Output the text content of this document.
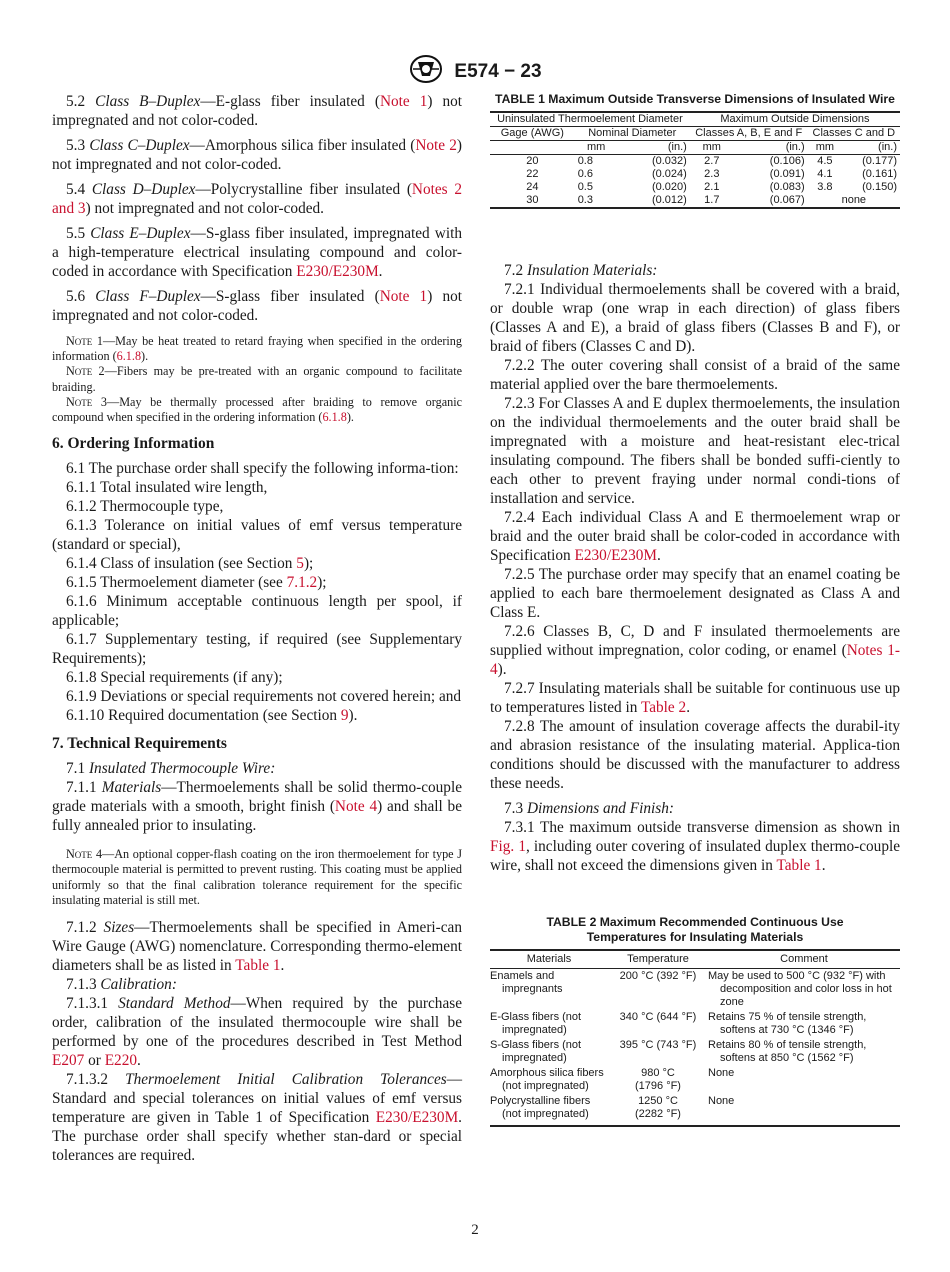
E574 − 23

5.2 Class B–Duplex—E-glass fiber insulated (Note 1) not impregnated and not color-coded.

5.3 Class C–Duplex—Amorphous silica fiber insulated (Note 2) not impregnated and not color-coded.

5.4 Class D–Duplex—Polycrystalline fiber insulated (Notes 2 and 3) not impregnated and not color-coded.

5.5 Class E–Duplex—S-glass fiber insulated, impregnated with a high-temperature electrical insulating compound and color-coded in accordance with Specification E230/E230M.

5.6 Class F–Duplex—S-glass fiber insulated (Note 1) not impregnated and not color-coded.

Note 1—May be heat treated to retard fraying when specified in the ordering information (6.1.8).

Note 2—Fibers may be pre-treated with an organic compound to facilitate braiding.

Note 3—May be thermally processed after braiding to remove organic compound when specified in the ordering information (6.1.8).

6. Ordering Information

6.1 The purchase order shall specify the following informa-tion:

6.1.1 Total insulated wire length,

6.1.2 Thermocouple type,

6.1.3 Tolerance on initial values of emf versus temperature (standard or special),

6.1.4 Class of insulation (see Section 5);

6.1.5 Thermoelement diameter (see 7.1.2);

6.1.6 Minimum acceptable continuous length per spool, if applicable;

6.1.7 Supplementary testing, if required (see Supplementary Requirements);

6.1.8 Special requirements (if any);

6.1.9 Deviations or special requirements not covered herein; and

6.1.10 Required documentation (see Section 9).

7. Technical Requirements

7.1 Insulated Thermocouple Wire:

7.1.1 Materials—Thermoelements shall be solid thermo-couple grade materials with a smooth, bright finish (Note 4) and shall be fully annealed prior to insulating.

Note 4—An optional copper-flash coating on the iron thermoelement for type J thermocouple material is permitted to prevent rusting. This coating must be applied uniformly so that the final calibration tolerance requirement for the specific insulating material is still met.

7.1.2 Sizes—Thermoelements shall be specified in Ameri-can Wire Gauge (AWG) nomenclature. Corresponding thermo-element diameters shall be as listed in Table 1.

7.1.3 Calibration:

7.1.3.1 Standard Method—When required by the purchase order, calibration of the insulated thermocouple wire shall be performed by one of the procedures described in Test Method E207 or E220.

7.1.3.2 Thermoelement Initial Calibration Tolerances—Standard and special tolerances on initial values of emf versus temperature are given in Table 1 of Specification E230/E230M. The purchase order shall specify whether stan-dard or special tolerances are required.

TABLE 1 Maximum Outside Transverse Dimensions of Insulated Wire
Uninsulated Thermoelement Diameter			Maximum Outside Dimensions			
Gage (AWG)	Nominal Diameter		Classes A, B, E and F		Classes C and D	
	mm	(in.)	mm	(in.)	mm	(in.)
20	0.8	(0.032)	2.7	(0.106)	4.5	(0.177)
22	0.6	(0.024)	2.3	(0.091)	4.1	(0.161)
24	0.5	(0.020)	2.1	(0.083)	3.8	(0.150)
30	0.3	(0.012)	1.7	(0.067)	none	

7.2 Insulation Materials:

7.2.1 Individual thermoelements shall be covered with a braid, or double wrap (one wrap in each direction) of glass fibers (Classes A and E), a braid of glass fibers (Classes B and F), or braid of fibers (Classes C and D).

7.2.2 The outer covering shall consist of a braid of the same material applied over the bare thermoelements.

7.2.3 For Classes A and E duplex thermoelements, the insulation on the individual thermoelements and the outer braid shall be impregnated with a moisture and heat-resistant elec-trical insulating compound. The fibers shall be bonded suffi-ciently to each other to prevent fraying under normal condi-tions of installation and service.

7.2.4 Each individual Class A and E thermoelement wrap or braid and the outer braid shall be color-coded in accordance with Specification E230/E230M.

7.2.5 The purchase order may specify that an enamel coating be applied to each bare thermoelement designated as Class A and Class E.

7.2.6 Classes B, C, D and F insulated thermoelements are supplied without impregnation, color coding, or enamel (Notes 1-4).

7.2.7 Insulating materials shall be suitable for continuous use up to temperatures listed in Table 2.

7.2.8 The amount of insulation coverage affects the durabil-ity and abrasion resistance of the insulating material. Applica-tion conditions should be discussed with the manufacturer to address these needs.

7.3 Dimensions and Finish:

7.3.1 The maximum outside transverse dimension as shown in Fig. 1, including outer covering of insulated duplex thermo-couple wire, shall not exceed the dimensions given in Table 1.

TABLE 2 Maximum Recommended Continuous Use Temperatures for Insulating Materials
Materials	Temperature	Comment
Enamels and impregnants	200 °C (392 °F)	May be used to 500 °C (932 °F) with decomposition and color loss in hot zone
E-Glass fibers (not impregnated)	340 °C (644 °F)	Retains 75 % of tensile strength, softens at 730 °C (1346 °F)
S-Glass fibers (not impregnated)	395 °C (743 °F)	Retains 80 % of tensile strength, softens at 850 °C (1562 °F)
Amorphous silica fibers (not impregnated)	980 °C (1796 °F)	None
Polycrystalline fibers (not impregnated)	1250 °C (2282 °F)	None
2
